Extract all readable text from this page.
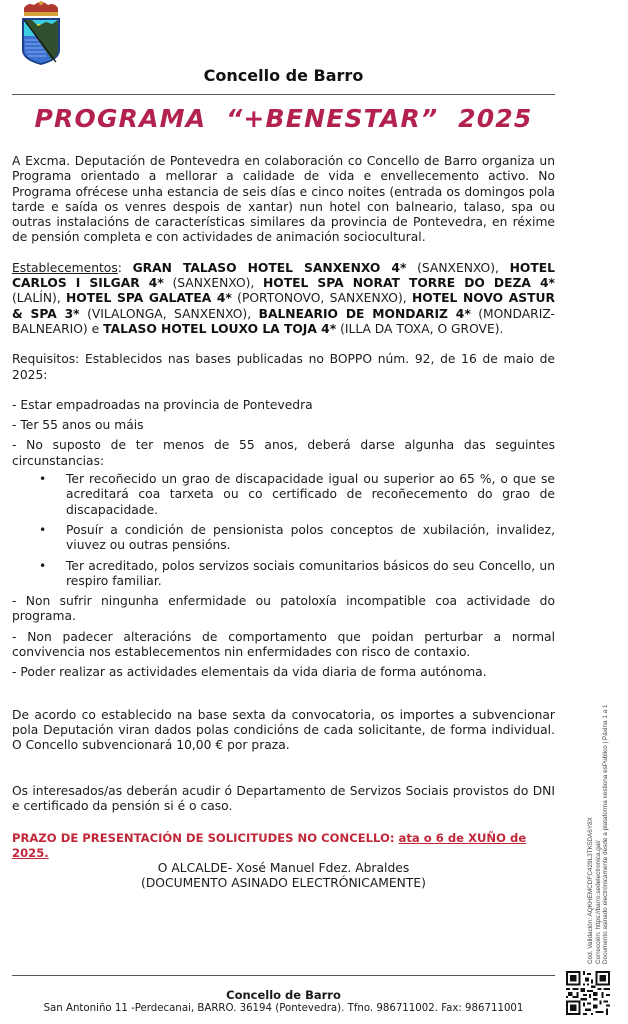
Concello de Barro
PROGRAMA  “+BENESTAR”  2025

A Excma. Deputación de Pontevedra en colaboración co Concello de Barro organiza un Programa orientado a mellorar a calidade de vida e envellecemento activo. No Programa ofrécese unha estancia de seis días e cinco noites (entrada os domingos pola tarde e saída os venres despois de xantar) nun hotel con balneario, talaso, spa ou outras instalacións de características similares da provincia de Pontevedra, en réxime de pensión completa e con actividades de animación sociocultural.

Establecementos: GRAN TALASO HOTEL SANXENXO 4* (SANXENXO), HOTEL CARLOS I SILGAR 4* (SANXENXO), HOTEL SPA NORAT TORRE DO DEZA 4* (LALÍN), HOTEL SPA GALATEA 4* (PORTONOVO, SANXENXO), HOTEL NOVO ASTUR & SPA 3* (VILALONGA, SANXENXO), BALNEARIO DE MONDARIZ 4* (MONDARIZ-BALNEARIO) e TALASO HOTEL LOUXO LA TOJA 4* (ILLA DA TOXA, O GROVE).

Requisitos: Establecidos nas bases publicadas no BOPPO núm. 92, de 16 de maio de 2025:

- Estar empadroadas na provincia de Pontevedra

- Ter 55 anos ou máis

- No suposto de ter menos de 55 anos, deberá darse algunha das seguintes circunstancias:

• Ter recoñecido un grao de discapacidade igual ou superior ao 65 %, o que se acreditará coa tarxeta ou co certificado de recoñecemento do grao de discapacidade.
• Posuír a condición de pensionista polos conceptos de xubilación, invalidez, viuvez ou outras pensións.
• Ter acreditado, polos servizos sociais comunitarios básicos do seu Concello, un respiro familiar.

- Non sufrir ningunha enfermidade ou patoloxía incompatible coa actividade do programa.

- Non padecer alteracións de comportamento que poidan perturbar a normal convivencia nos establecementos nin enfermidades con risco de contaxio.

- Poder realizar as actividades elementais da vida diaria de forma autónoma.

De acordo co establecido na base sexta da convocatoria, os importes a subvencionar pola Deputación viran dados polas condicións de cada solicitante, de forma individual. O Concello subvencionará 10,00 € por praza.

Os interesados/as deberán acudir ó Departamento de Servizos Sociais provistos do DNI e certificado da pensión si é o caso.

PRAZO DE PRESENTACIÓN DE SOLICITUDES NO CONCELLO: ata o 6 de XUÑO de 2025.

O ALCALDE- Xosé Manuel Fdez. Abraldes
(DOCUMENTO ASINADO ELECTRÓNICAMENTE)
Concello de Barro
San Antoniño 11 -Perdecanai, BARRO. 36194 (Pontevedra). Tfno. 986711002. Fax: 986711001
Cód. Validación: AQKHEMCDFC429L3TK5DA6Y8X Corrección: https://barro.sedelectronica.gal/ Documento asinado electrónicamente desde a plataforma xestiona esPublico | Páxina 1 a 1
